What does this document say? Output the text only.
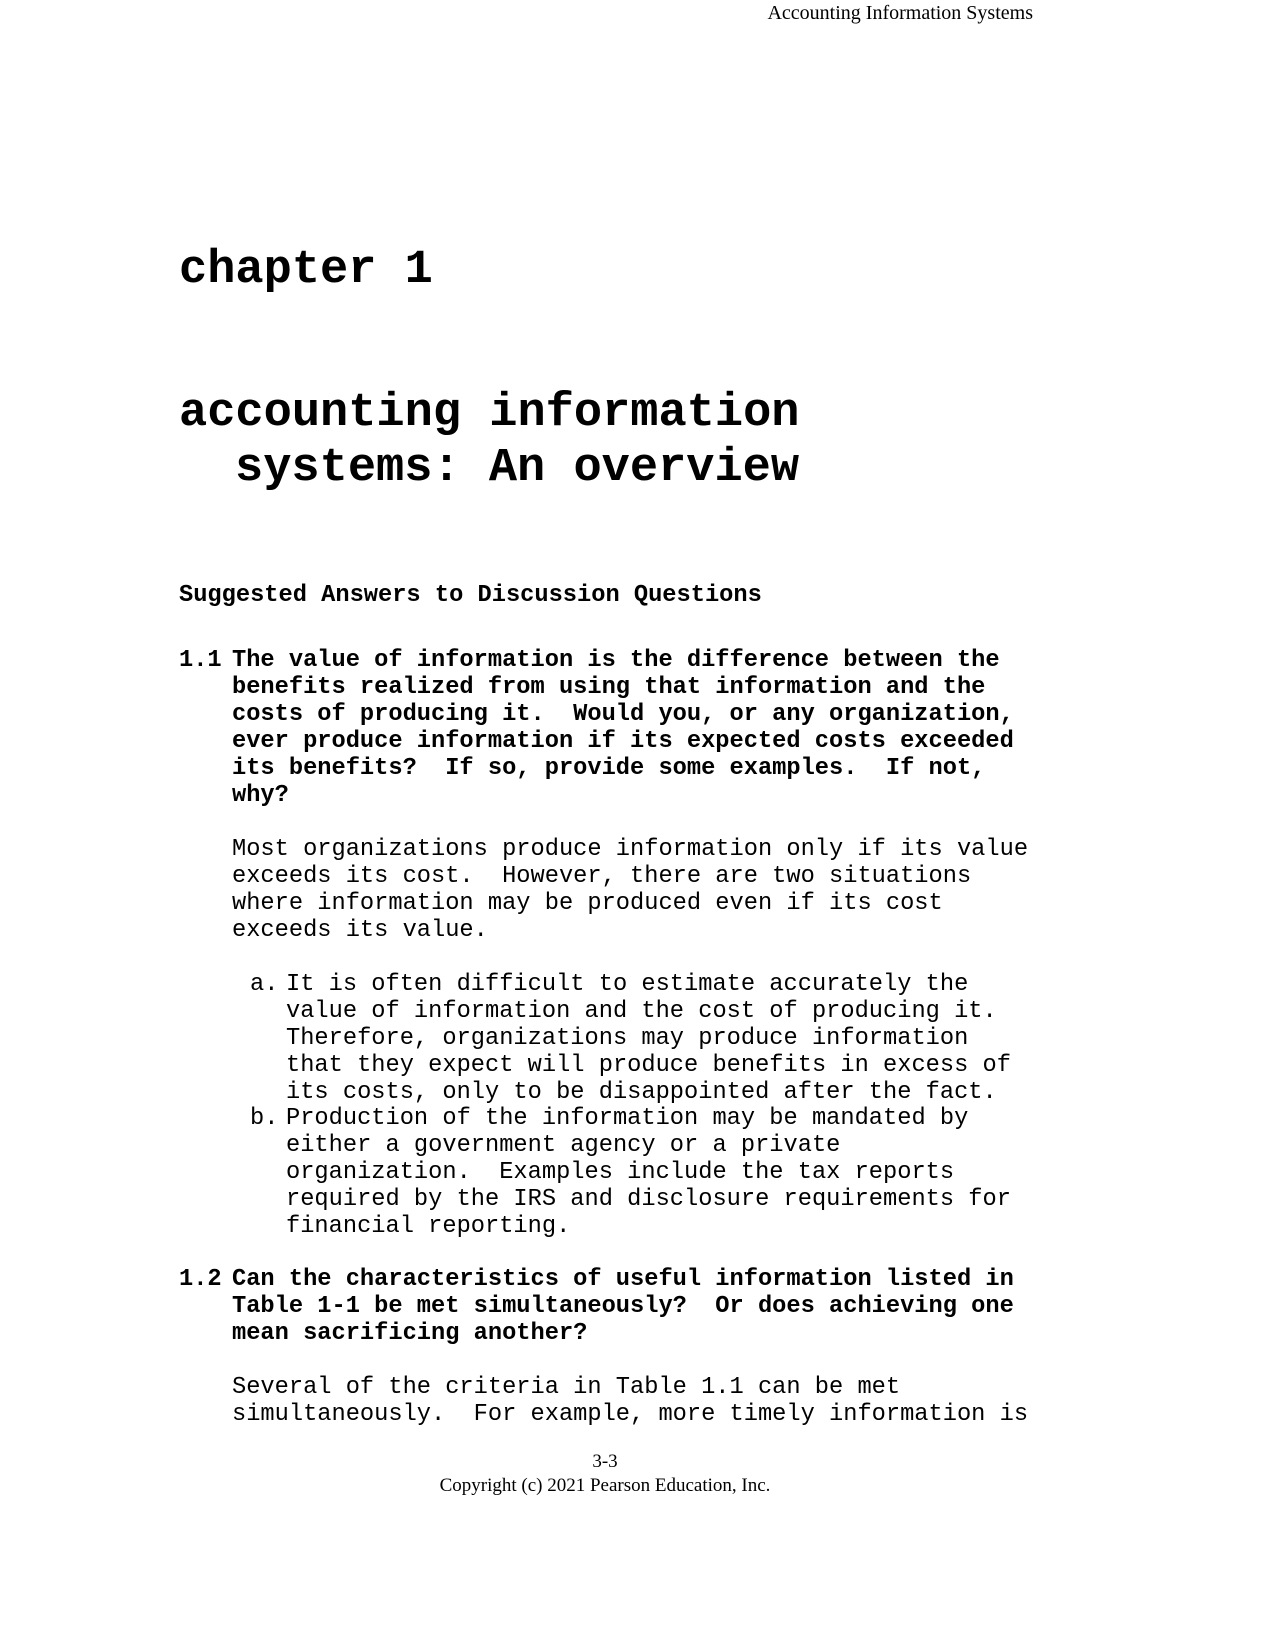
Accounting Information Systems
chapter 1
accounting information
systems: An overview
Suggested Answers to Discussion Questions
1.1 The value of information is the difference between the
benefits realized from using that information and the
costs of producing it.  Would you, or any organization,
ever produce information if its expected costs exceeded
its benefits?  If so, provide some examples.  If not,
why?
Most organizations produce information only if its value
exceeds its cost.  However, there are two situations
where information may be produced even if its cost
exceeds its value.
a. It is often difficult to estimate accurately the
value of information and the cost of producing it.
Therefore, organizations may produce information
that they expect will produce benefits in excess of
its costs, only to be disappointed after the fact.
b. Production of the information may be mandated by
either a government agency or a private
organization.  Examples include the tax reports
required by the IRS and disclosure requirements for
financial reporting.
1.2 Can the characteristics of useful information listed in
Table 1-1 be met simultaneously?  Or does achieving one
mean sacrificing another?
Several of the criteria in Table 1.1 can be met
simultaneously.  For example, more timely information is
3-3
Copyright (c) 2021 Pearson Education, Inc.
